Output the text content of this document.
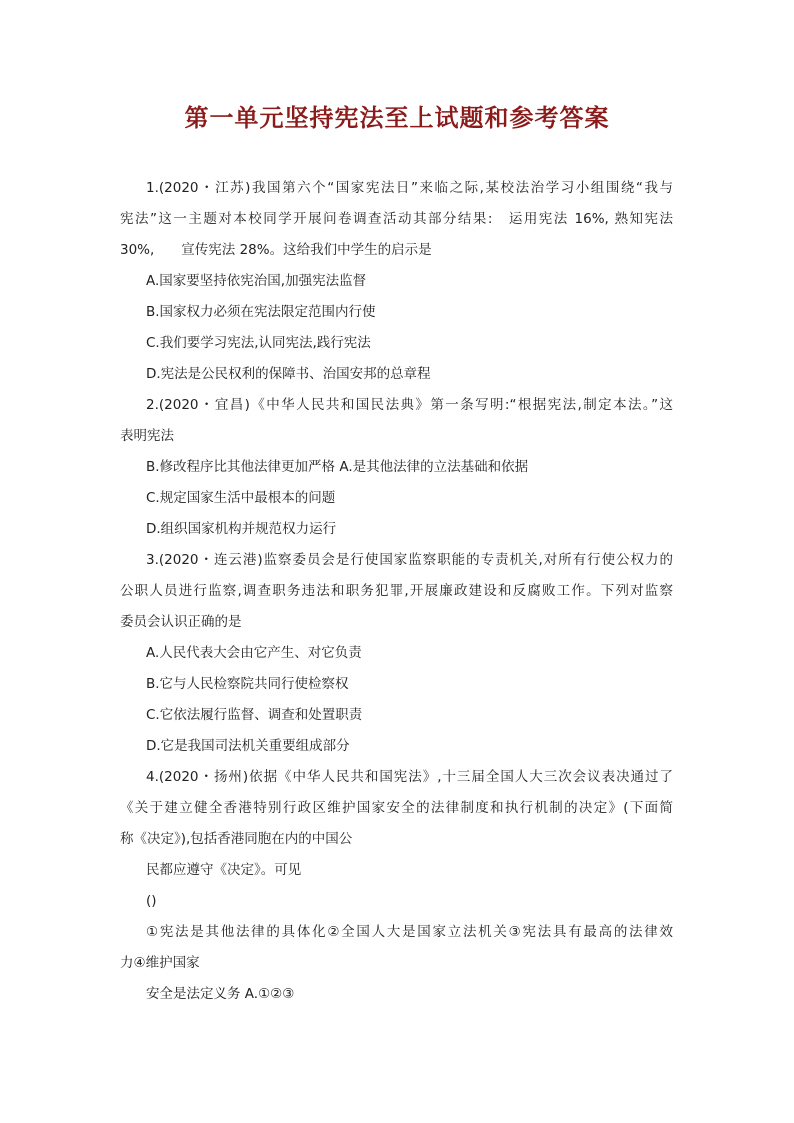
第一单元坚持宪法至上试题和参考答案
1.(2020・江苏)我国第六个“国家宪法日”来临之际,某校法治学习小组围绕“我与
宪法”这一主题对本校同学开展问卷调查活动其部分结果:　运用宪法 16%, 熟知宪法
30%,　　宣传宪法 28%。这给我们中学生的启示是
A.国家要坚持依宪治国,加强宪法监督
B.国家权力必须在宪法限定范围内行使
C.我们要学习宪法,认同宪法,践行宪法
D.宪法是公民权利的保障书、治国安邦的总章程
2.(2020・宜昌)《中华人民共和国民法典》第一条写明:“根据宪法,制定本法。”这
表明宪法
B.修改程序比其他法律更加严格 A.是其他法律的立法基础和依据
C.规定国家生活中最根本的问题
D.组织国家机构并规范权力运行
3.(2020・连云港)监察委员会是行使国家监察职能的专责机关,对所有行使公权力的
公职人员进行监察,调查职务违法和职务犯罪,开展廉政建设和反腐败工作。下列对监察
委员会认识正确的是
A.人民代表大会由它产生、对它负责
B.它与人民检察院共同行使检察权
C.它依法履行监督、调查和处置职责
D.它是我国司法机关重要组成部分
4.(2020・扬州)依据《中华人民共和国宪法》,十三届全国人大三次会议表决通过了
《关于建立健全香港特别行政区维护国家安全的法律制度和执行机制的决定》(下面简
称《决定》),包括香港同胞在内的中国公
民都应遵守《决定》。可见
()
①宪法是其他法律的具体化②全国人大是国家立法机关③宪法具有最高的法律效
力④维护国家
安全是法定义务 A.①②③
